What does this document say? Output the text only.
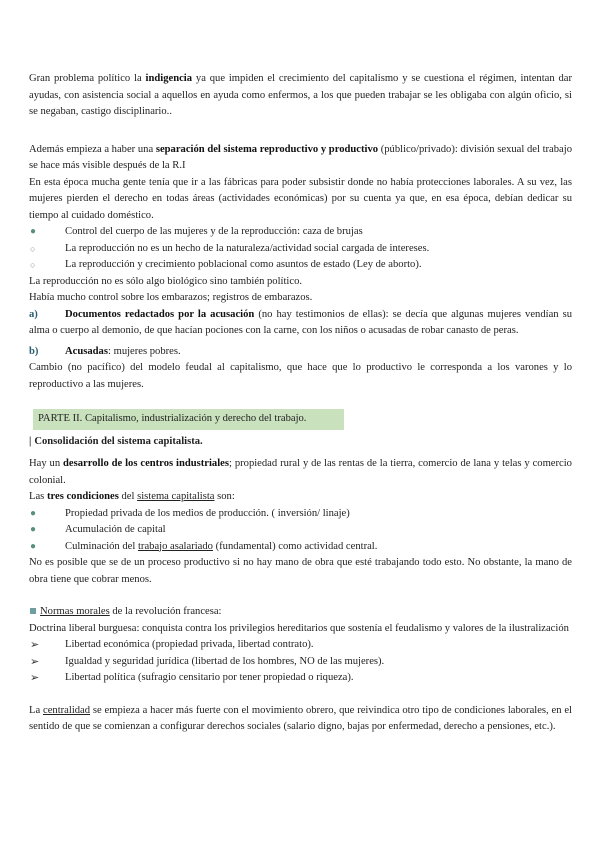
Gran problema político la indigencia ya que impiden el crecimiento del capitalismo y se cuestiona el régimen, intentan dar ayudas, con asistencia social a aquellos en ayuda como enfermos, a los que pueden trabajar se les obligaba con algún oficio, si se negaban, castigo disciplinario..

Además empieza a haber una separación del sistema reproductivo y productivo (público/privado): división sexual del trabajo se hace más visible después de la R.I

En esta época mucha gente tenía que ir a las fábricas para poder subsistir donde no había protecciones laborales. A su vez, las mujeres pierden el derecho en todas áreas (actividades económicas) por su cuenta ya que, en esa época, debían dedicar su tiempo al cuidado doméstico.

●	Control del cuerpo de las mujeres y de la reproducción: caza de brujas
○	La reproducción no es un hecho de la naturaleza/actividad social cargada de intereses.
○	La reproducción y crecimiento poblacional como asuntos de estado (Ley de aborto).

La reproducción no es sólo algo biológico sino también político.

Había mucho control sobre los embarazos; registros de embarazos.

a)	Documentos redactados por la acusación (no hay testimonios de ellas): se decía que algunas mujeres vendían su alma o cuerpo al demonio, de que hacían pociones con la carne, con los niños o acusadas de robar canasto de peras.

b)	Acusadas: mujeres pobres.

Cambio (no pacífico) del modelo feudal al capitalismo, que hace que lo productivo le corresponda a los varones y lo reproductivo a las mujeres.

PARTE II. Capitalismo, industrialización y derecho del trabajo.

| Consolidación del sistema capitalista.

Hay un desarrollo de los centros industriales; propiedad rural y de las rentas de la tierra, comercio de lana y telas y comercio colonial.

Las tres condiciones del sistema capitalista son:

●	Propiedad privada de los medios de producción. ( inversión/ linaje)
●	Acumulación de capital
●	Culminación del trabajo asalariado (fundamental) como actividad central.

No es posible que se de un proceso productivo si no hay mano de obra que esté trabajando todo esto. No obstante, la mano de obra tiene que cobrar menos.

Normas morales de la revolución francesa:

Doctrina liberal burguesa: conquista contra los privilegios hereditarios que sostenía el feudalismo y valores de la ilustralización

➢	Libertad económica (propiedad privada, libertad contrato).
➢	Igualdad y seguridad jurídica (libertad de los hombres, NO de las mujeres).
➢	Libertad política (sufragio censitario por tener propiedad o riqueza).

La centralidad se empieza a hacer más fuerte con el movimiento obrero, que reivindica otro tipo de condiciones laborales, en el sentido de que se comienzan a configurar derechos sociales (salario digno, bajas por enfermedad, derecho a pensiones, etc.).
